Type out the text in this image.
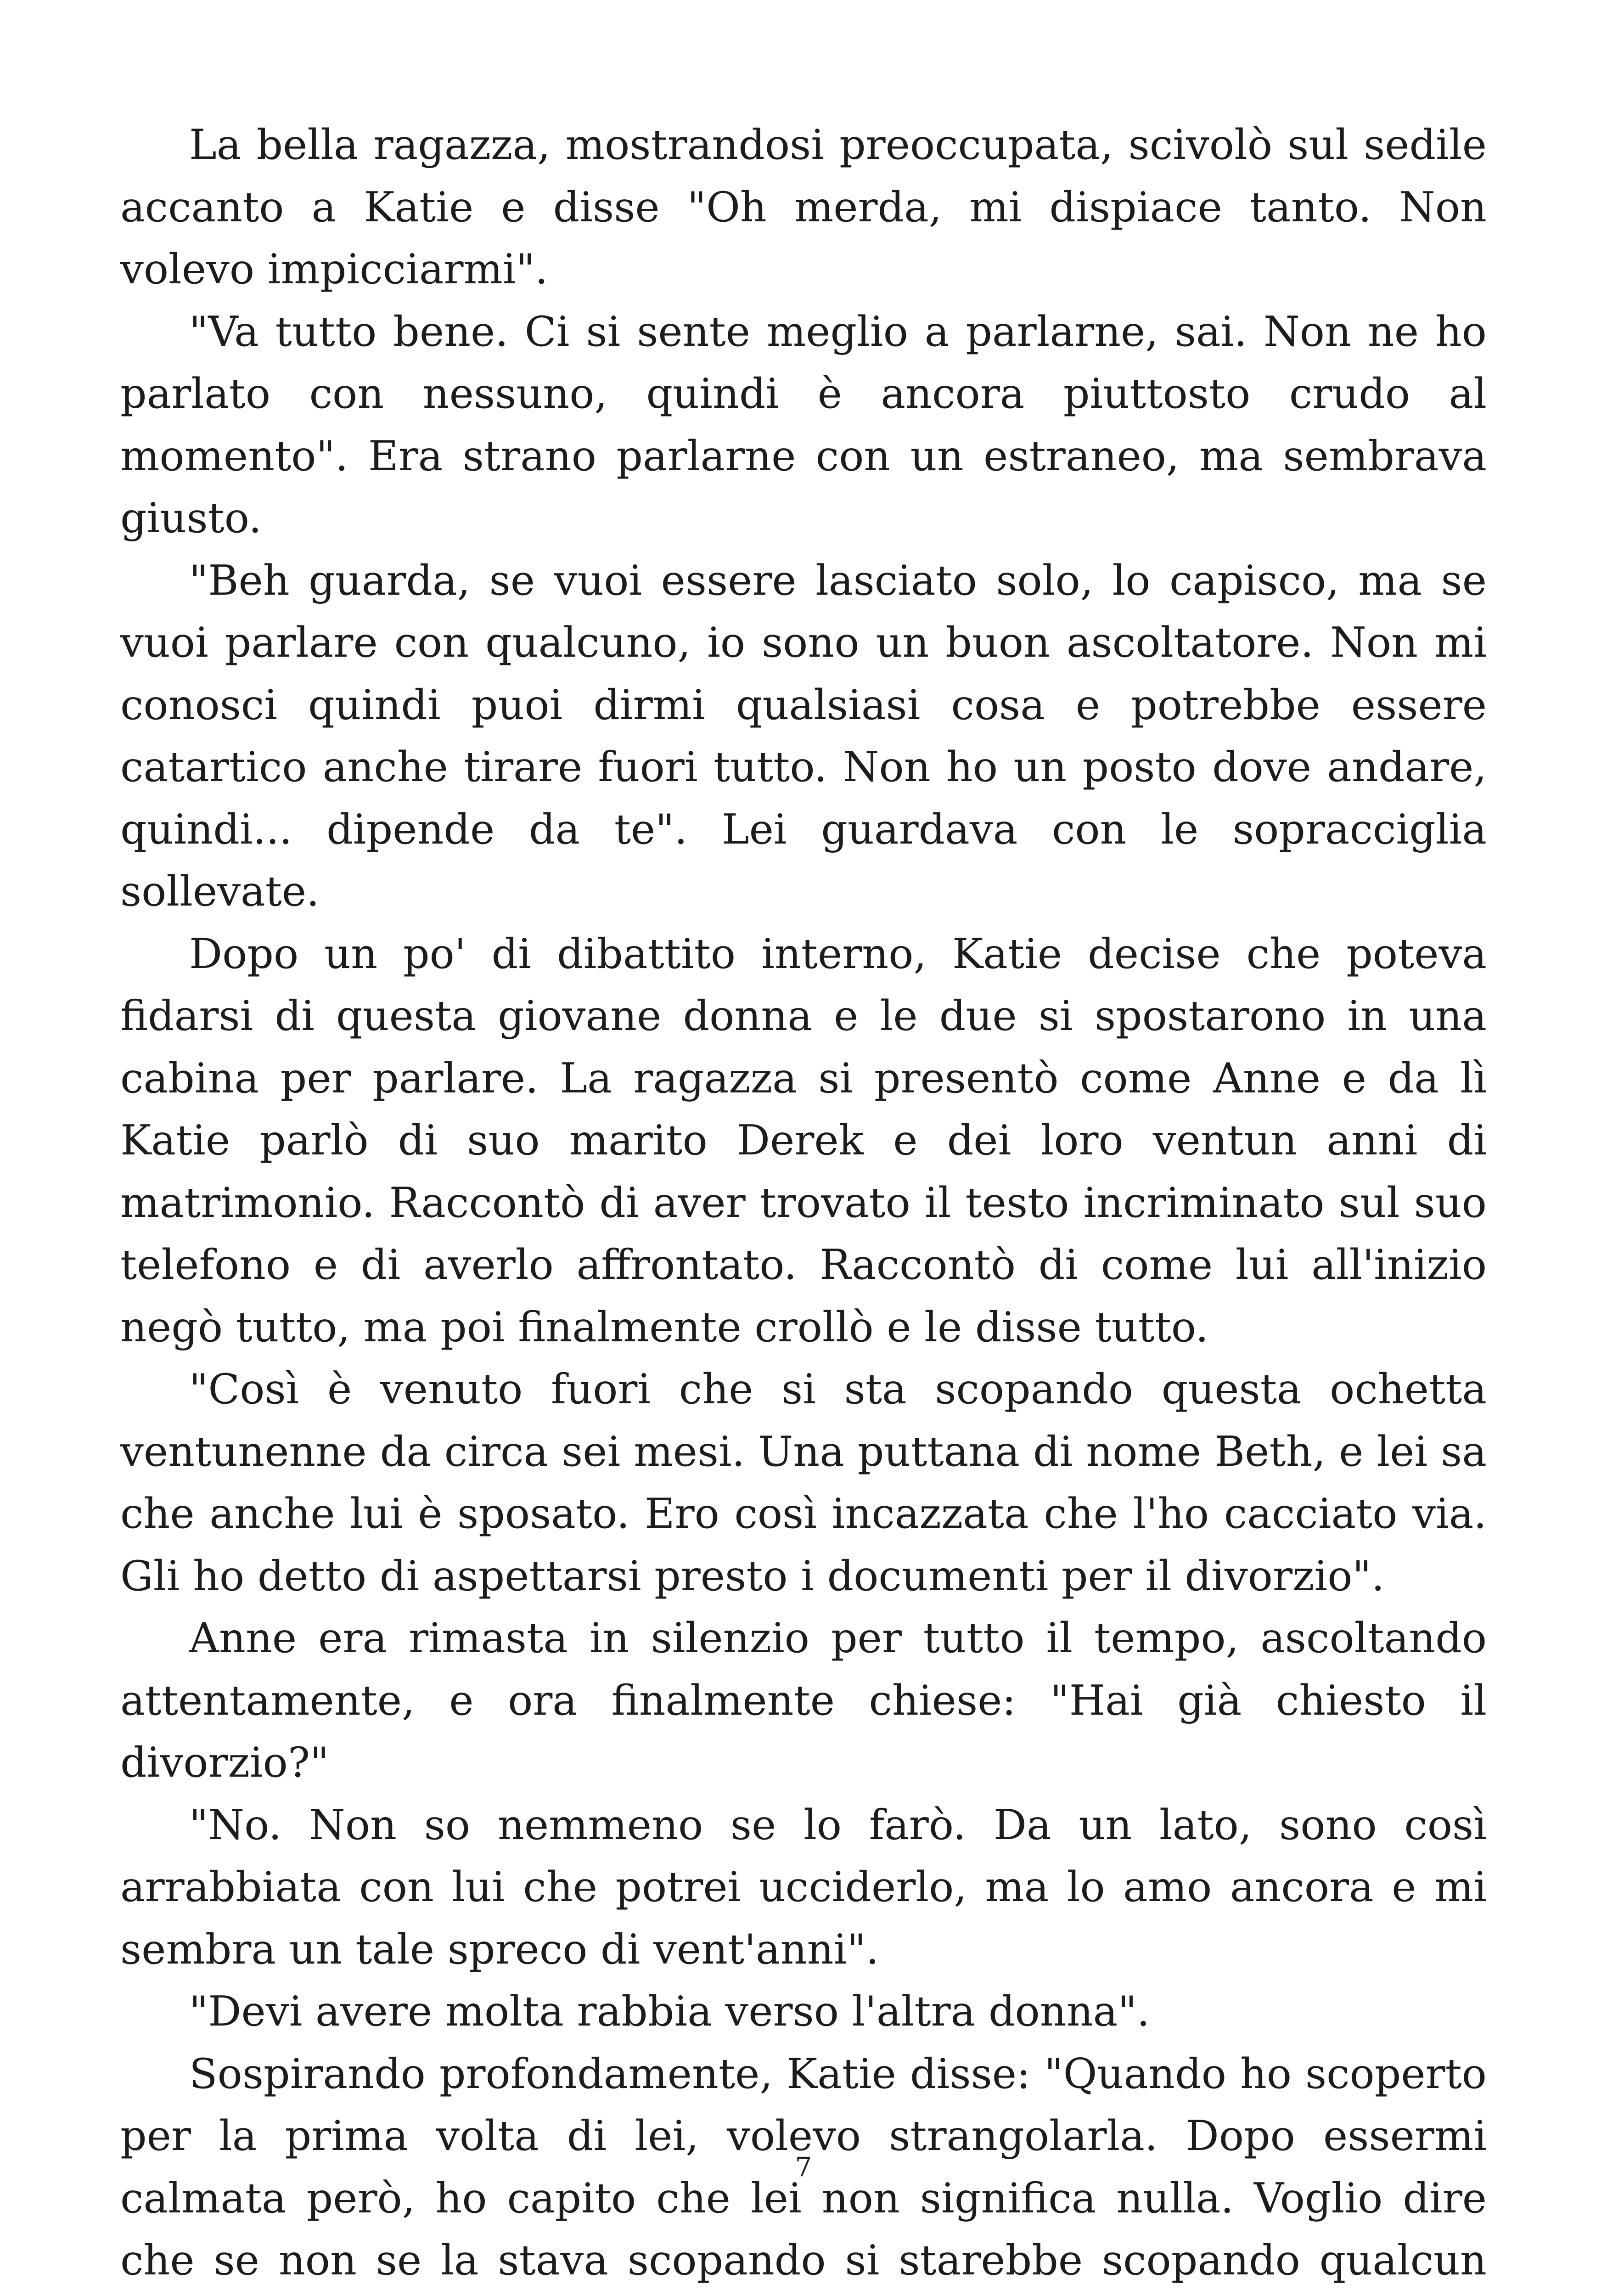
La bella ragazza, mostrandosi preoccupata, scivolò sul sedile accanto a Katie e disse "Oh merda, mi dispiace tanto. Non volevo impicciarmi".

"Va tutto bene. Ci si sente meglio a parlarne, sai. Non ne ho parlato con nessuno, quindi è ancora piuttosto crudo al momento". Era strano parlarne con un estraneo, ma sembrava giusto.

"Beh guarda, se vuoi essere lasciato solo, lo capisco, ma se vuoi parlare con qualcuno, io sono un buon ascoltatore. Non mi conosci quindi puoi dirmi qualsiasi cosa e potrebbe essere catartico anche tirare fuori tutto. Non ho un posto dove andare, quindi... dipende da te". Lei guardava con le sopracciglia sollevate.

Dopo un po' di dibattito interno, Katie decise che poteva fidarsi di questa giovane donna e le due si spostarono in una cabina per parlare. La ragazza si presentò come Anne e da lì Katie parlò di suo marito Derek e dei loro ventun anni di matrimonio. Raccontò di aver trovato il testo incriminato sul suo telefono e di averlo affrontato. Raccontò di come lui all'inizio negò tutto, ma poi finalmente crollò e le disse tutto.

"Così è venuto fuori che si sta scopando questa ochetta ventunenne da circa sei mesi. Una puttana di nome Beth, e lei sa che anche lui è sposato. Ero così incazzata che l'ho cacciato via. Gli ho detto di aspettarsi presto i documenti per il divorzio".

Anne era rimasta in silenzio per tutto il tempo, ascoltando attentamente, e ora finalmente chiese: "Hai già chiesto il divorzio?"

"No. Non so nemmeno se lo farò. Da un lato, sono così arrabbiata con lui che potrei ucciderlo, ma lo amo ancora e mi sembra un tale spreco di vent'anni".

"Devi avere molta rabbia verso l'altra donna".

Sospirando profondamente, Katie disse: "Quando ho scoperto per la prima volta di lei, volevo strangolarla. Dopo essermi calmata però, ho capito che lei non significa nulla. Voglio dire che se non se la stava scopando si starebbe scopando qualcun

7
